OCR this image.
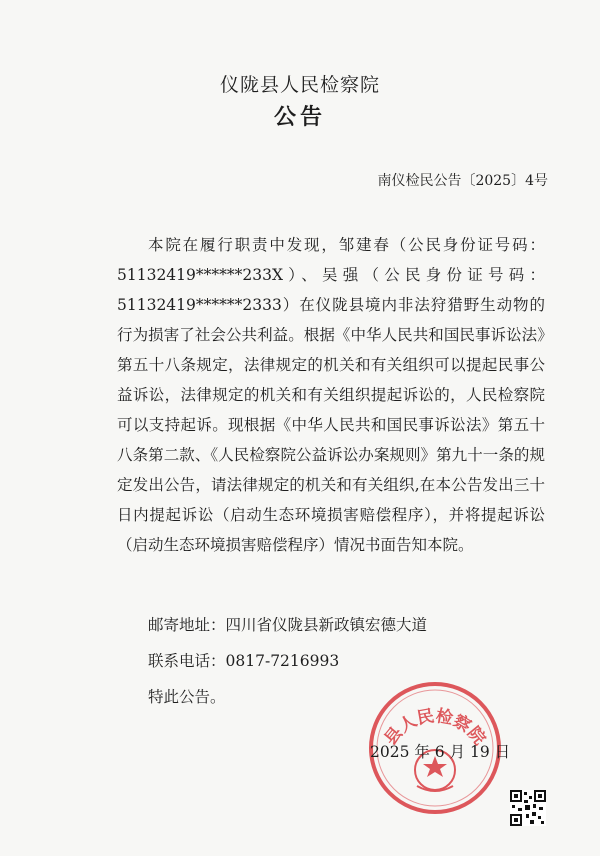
仪陇县人民检察院
公告
南仪检民公告〔2025〕4号

本院在履行职责中发现，邹建春（公民身份证号码：51132419******233X）、吴强（公民身份证号码：51132419******2333）在仪陇县境内非法狩猎野生动物的行为损害了社会公共利益。根据《中华人民共和国民事诉讼法》第五十八条规定，法律规定的机关和有关组织可以提起民事公益诉讼，法律规定的机关和有关组织提起诉讼的，人民检察院可以支持起诉。现根据《中华人民共和国民事诉讼法》第五十八条第二款、《人民检察院公益诉讼办案规则》第九十一条的规定发出公告，请法律规定的机关和有关组织,在本公告发出三十日内提起诉讼（启动生态环境损害赔偿程序），并将提起诉讼（启动生态环境损害赔偿程序）情况书面告知本院。

邮寄地址：四川省仪陇县新政镇宏德大道
联系电话：0817-7216993
特此公告。
县人民检察院
2025 年 6 月 19 日
